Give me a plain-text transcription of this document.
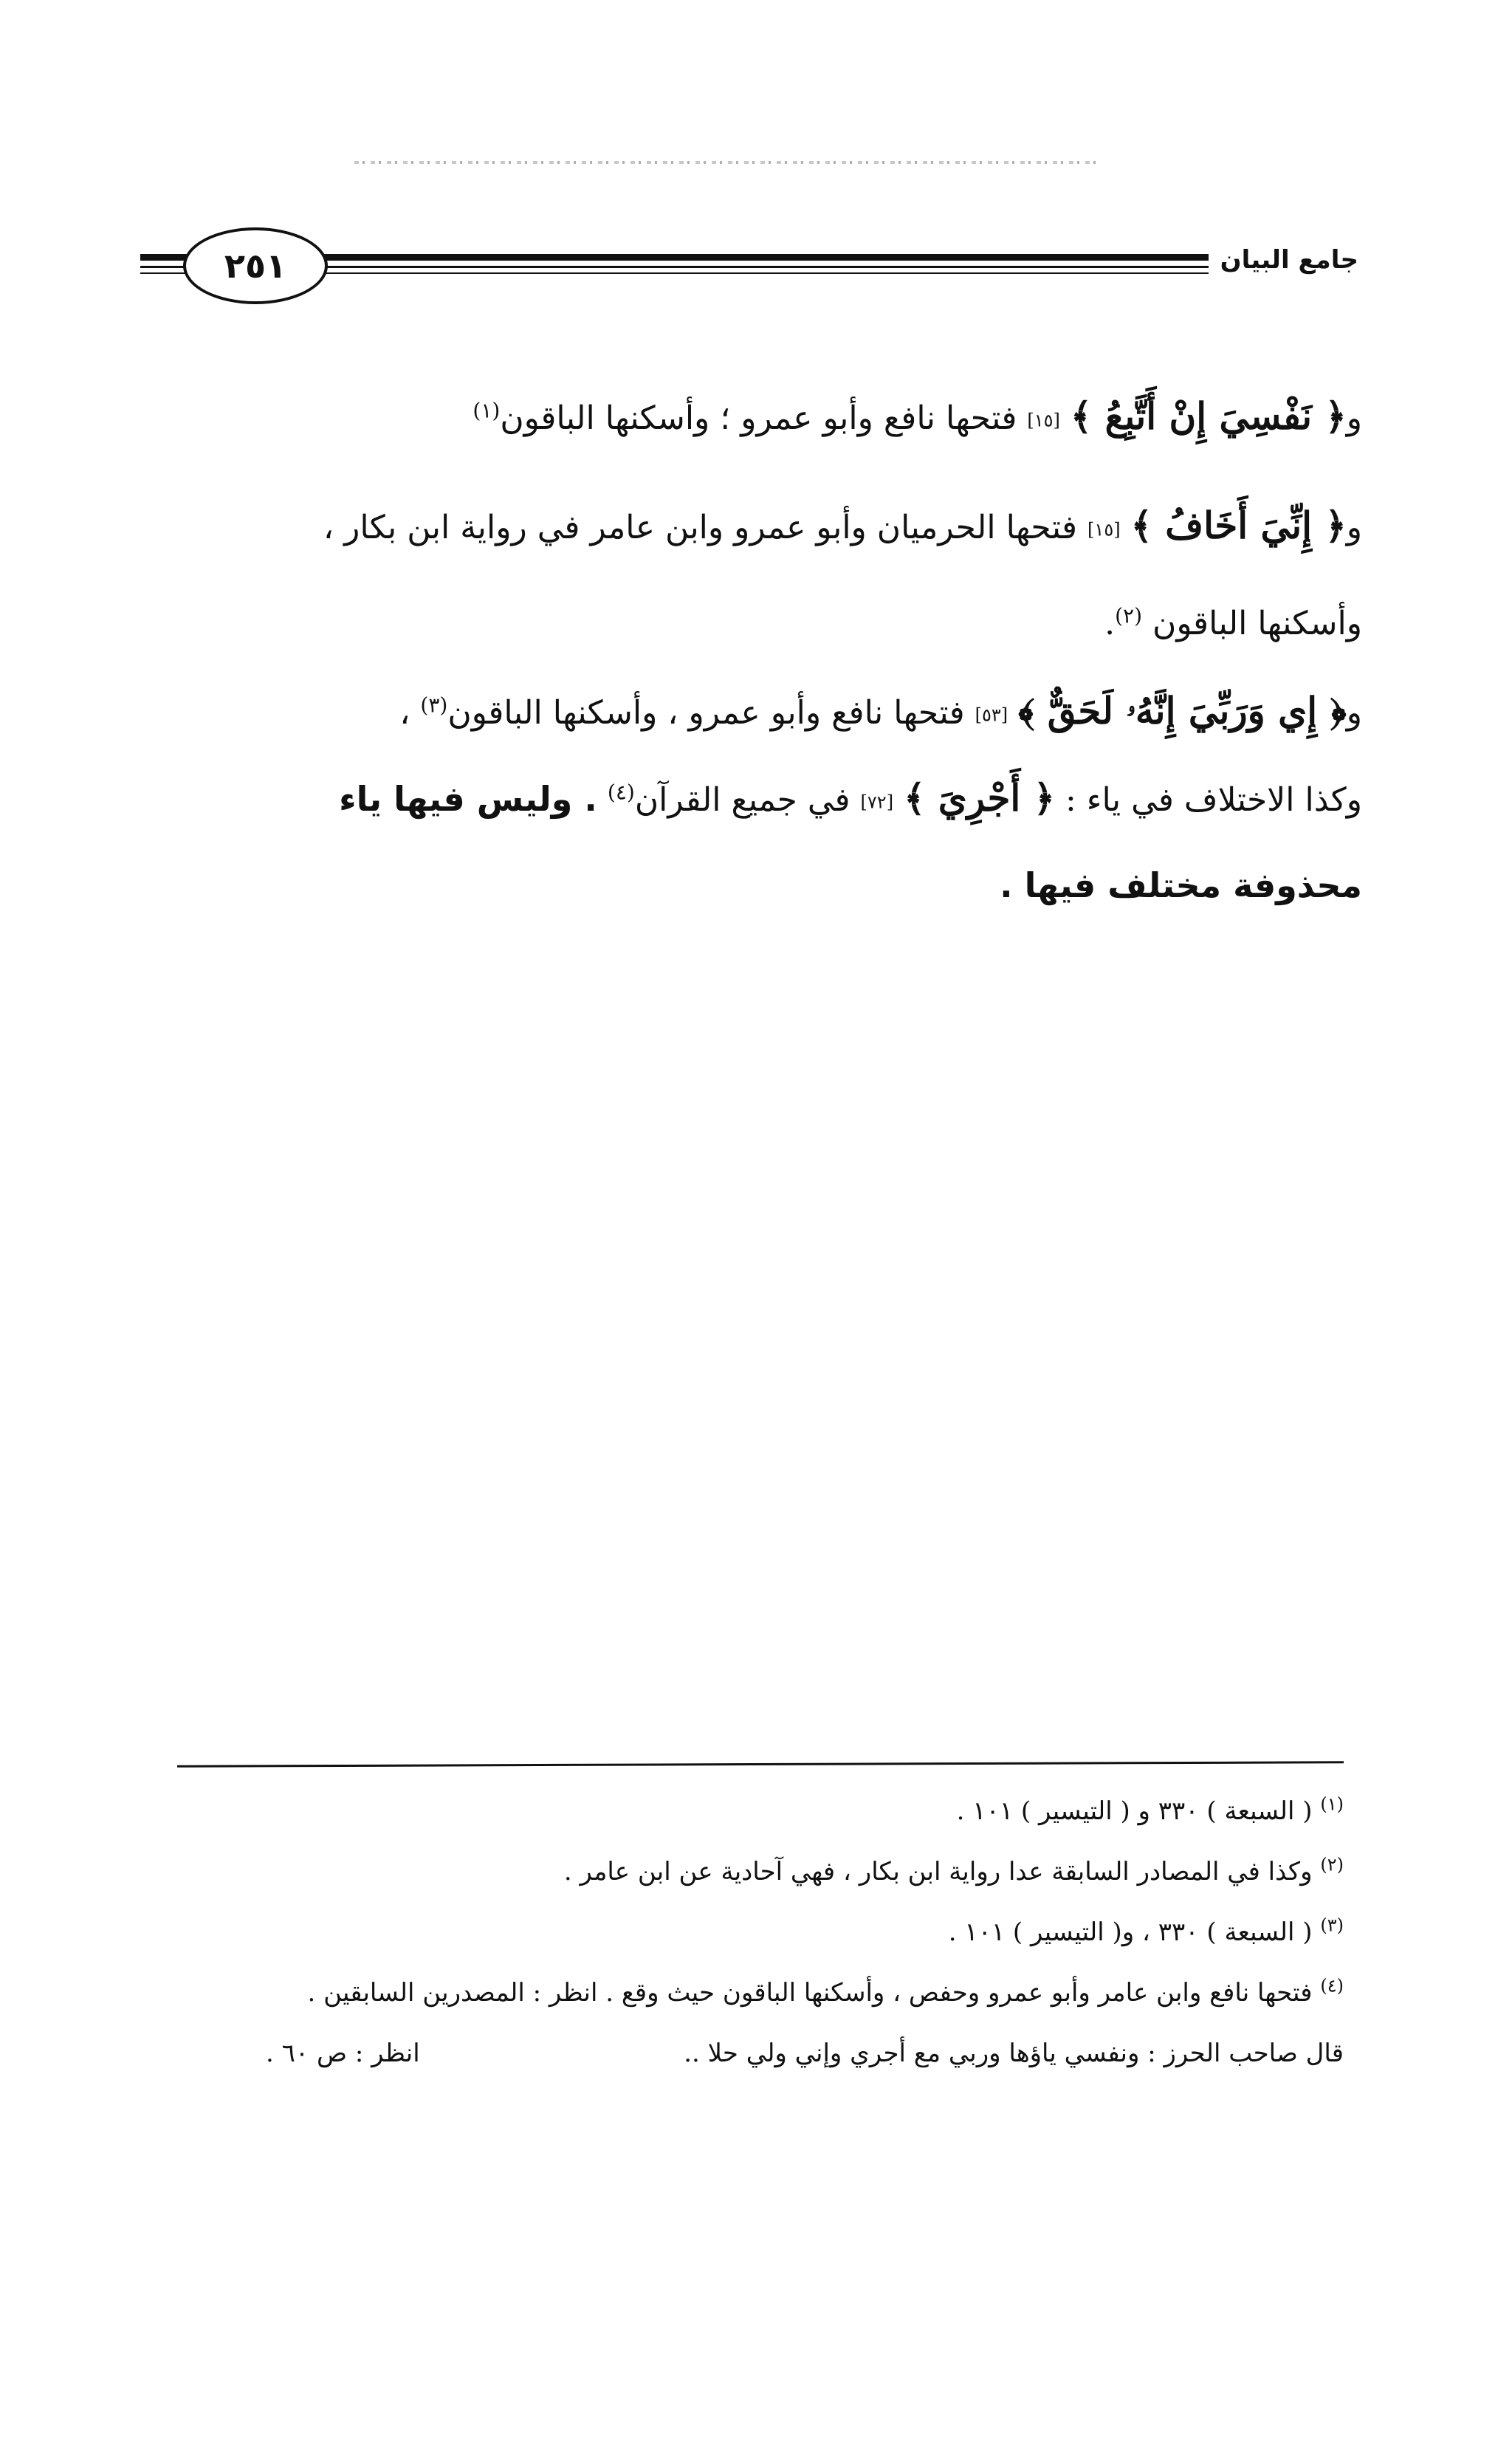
٢٥١	جامع البيان
و﴿ نَفْسِيَ إِنْ أَتَّبِعُ ﴾ [١٥] فتحها نافع وأبو عمرو ؛ وأسكنها الباقون$^{(١)}$
و﴿ إِنِّيَ أَخَافُ ﴾ [١٥] فتحها الحرميان وأبو عمرو وابن عامر في رواية ابن بكار ،
وأسكنها الباقون $^{(٢)}$.
و﴿ إِي وَرَبِّيَ إِنَّهُۥ لَحَقٌّ ﴾ [٥٣] فتحها نافع وأبو عمرو ، وأسكنها الباقون$^{(٣)}$ ،
وكذا الاختلاف في ياء : ﴿ أَجْرِيَ ﴾ [٧٢] في جميع القرآن$^{(٤)}$ . وليس فيها ياء
محذوفة مختلف فيها .
$^{(١)}$ ( السبعة ) ٣٣٠ و ( التيسير ) ١٠١ .
$^{(٢)}$ وكذا في المصادر السابقة عدا رواية ابن بكار ، فهي آحادية عن ابن عامر .
$^{(٣)}$ ( السبعة ) ٣٣٠ ، و( التيسير ) ١٠١ .
$^{(٤)}$ فتحها نافع وابن عامر وأبو عمرو وحفص ، وأسكنها الباقون حيث وقع . انظر : المصدرين السابقين .
قال صاحب الحرز : ونفسي ياؤها وربي مع أجري وإني ولي حلا ..
انظر : ص ٦٠ .
